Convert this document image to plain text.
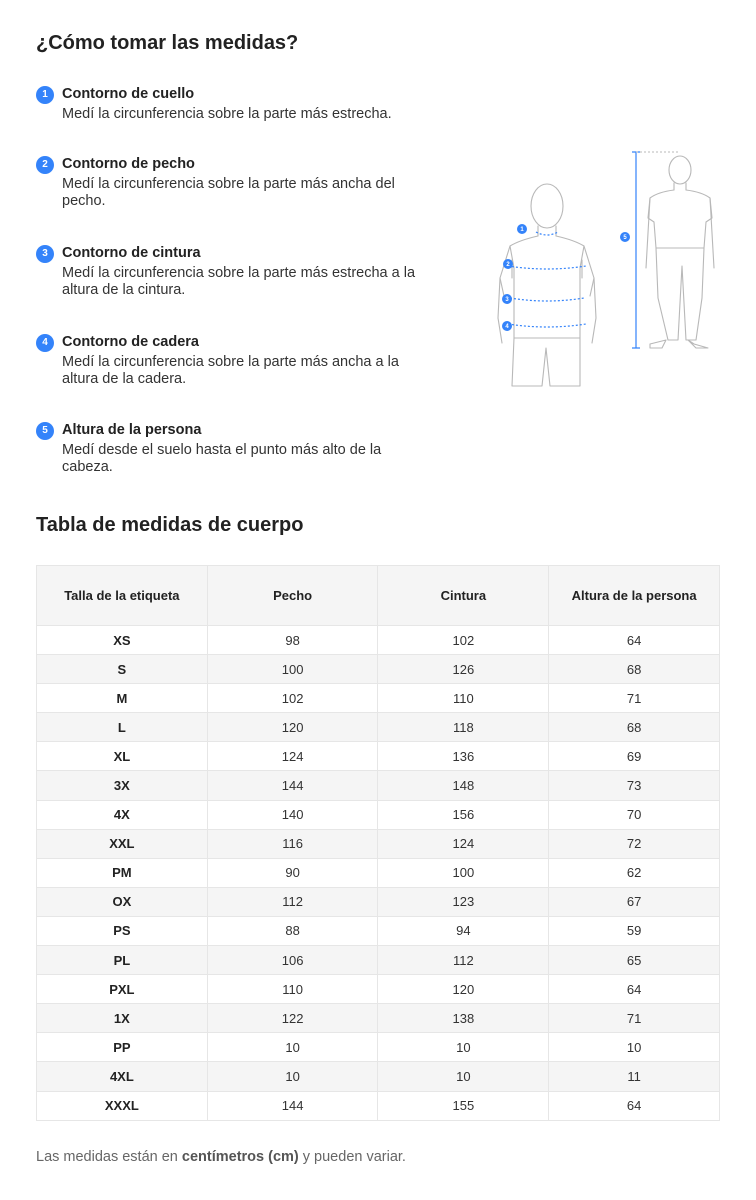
¿Cómo tomar las medidas?
1 Contorno de cuello
Medí la circunferencia sobre la parte más estrecha.
2 Contorno de pecho
Medí la circunferencia sobre la parte más ancha del pecho.
3 Contorno de cintura
Medí la circunferencia sobre la parte más estrecha a la altura de la cintura.
4 Contorno de cadera
Medí la circunferencia sobre la parte más ancha a la altura de la cadera.
5 Altura de la persona
Medí desde el suelo hasta el punto más alto de la cabeza.
1
2
3
4
5
Tabla de medidas de cuerpo
Talla de la etiqueta	Pecho	Cintura	Altura de la persona
XS	98	102	64
S	100	126	68
M	102	110	71
L	120	118	68
XL	124	136	69
3X	144	148	73
4X	140	156	70
XXL	116	124	72
PM	90	100	62
OX	112	123	67
PS	88	94	59
PL	106	112	65
PXL	110	120	64
1X	122	138	71
PP	10	10	10
4XL	10	10	11
XXXL	144	155	64

Las medidas están en centímetros (cm) y pueden variar.
